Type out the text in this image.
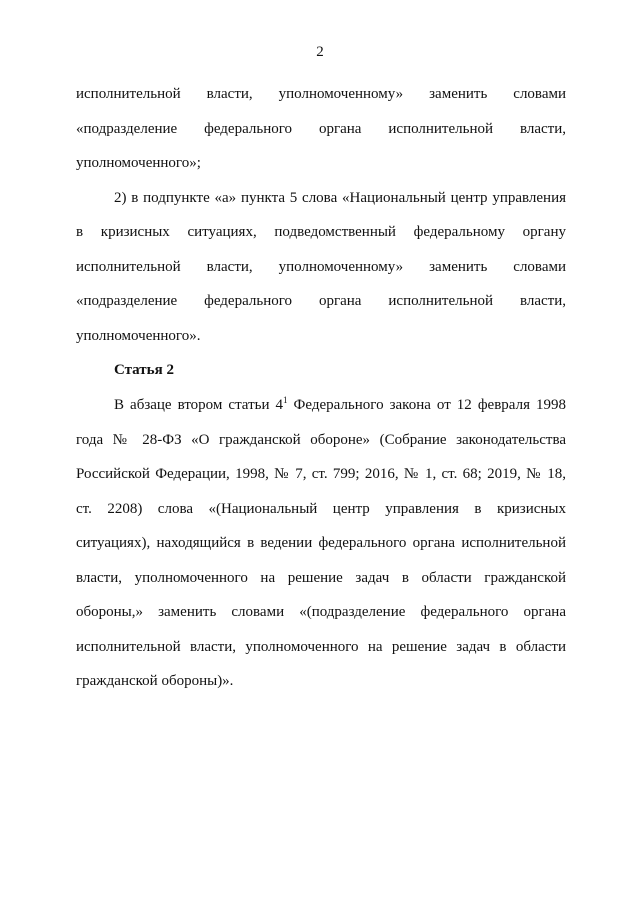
2
исполнительной власти, уполномоченному» заменить словами
«подразделение федерального органа исполнительной власти,
уполномоченного»;
2) в подпункте «а» пункта 5 слова «Национальный центр управления
в кризисных ситуациях, подведомственный федеральному органу
исполнительной власти, уполномоченному» заменить словами
«подразделение федерального органа исполнительной власти,
уполномоченного».
Статья 2
В абзаце втором статьи $4^1$ Федерального закона от 12 февраля 1998
года № 28-ФЗ «О гражданской обороне» (Собрание законодательства
Российской Федерации, 1998, № 7, ст. 799; 2016, № 1, ст. 68; 2019, № 18,
ст. 2208) слова «(Национальный центр управления в кризисных
ситуациях), находящийся в ведении федерального органа исполнительной
власти, уполномоченного на решение задач в области гражданской
обороны,» заменить словами «(подразделение федерального органа
исполнительной власти, уполномоченного на решение задач в области
гражданской обороны)».
